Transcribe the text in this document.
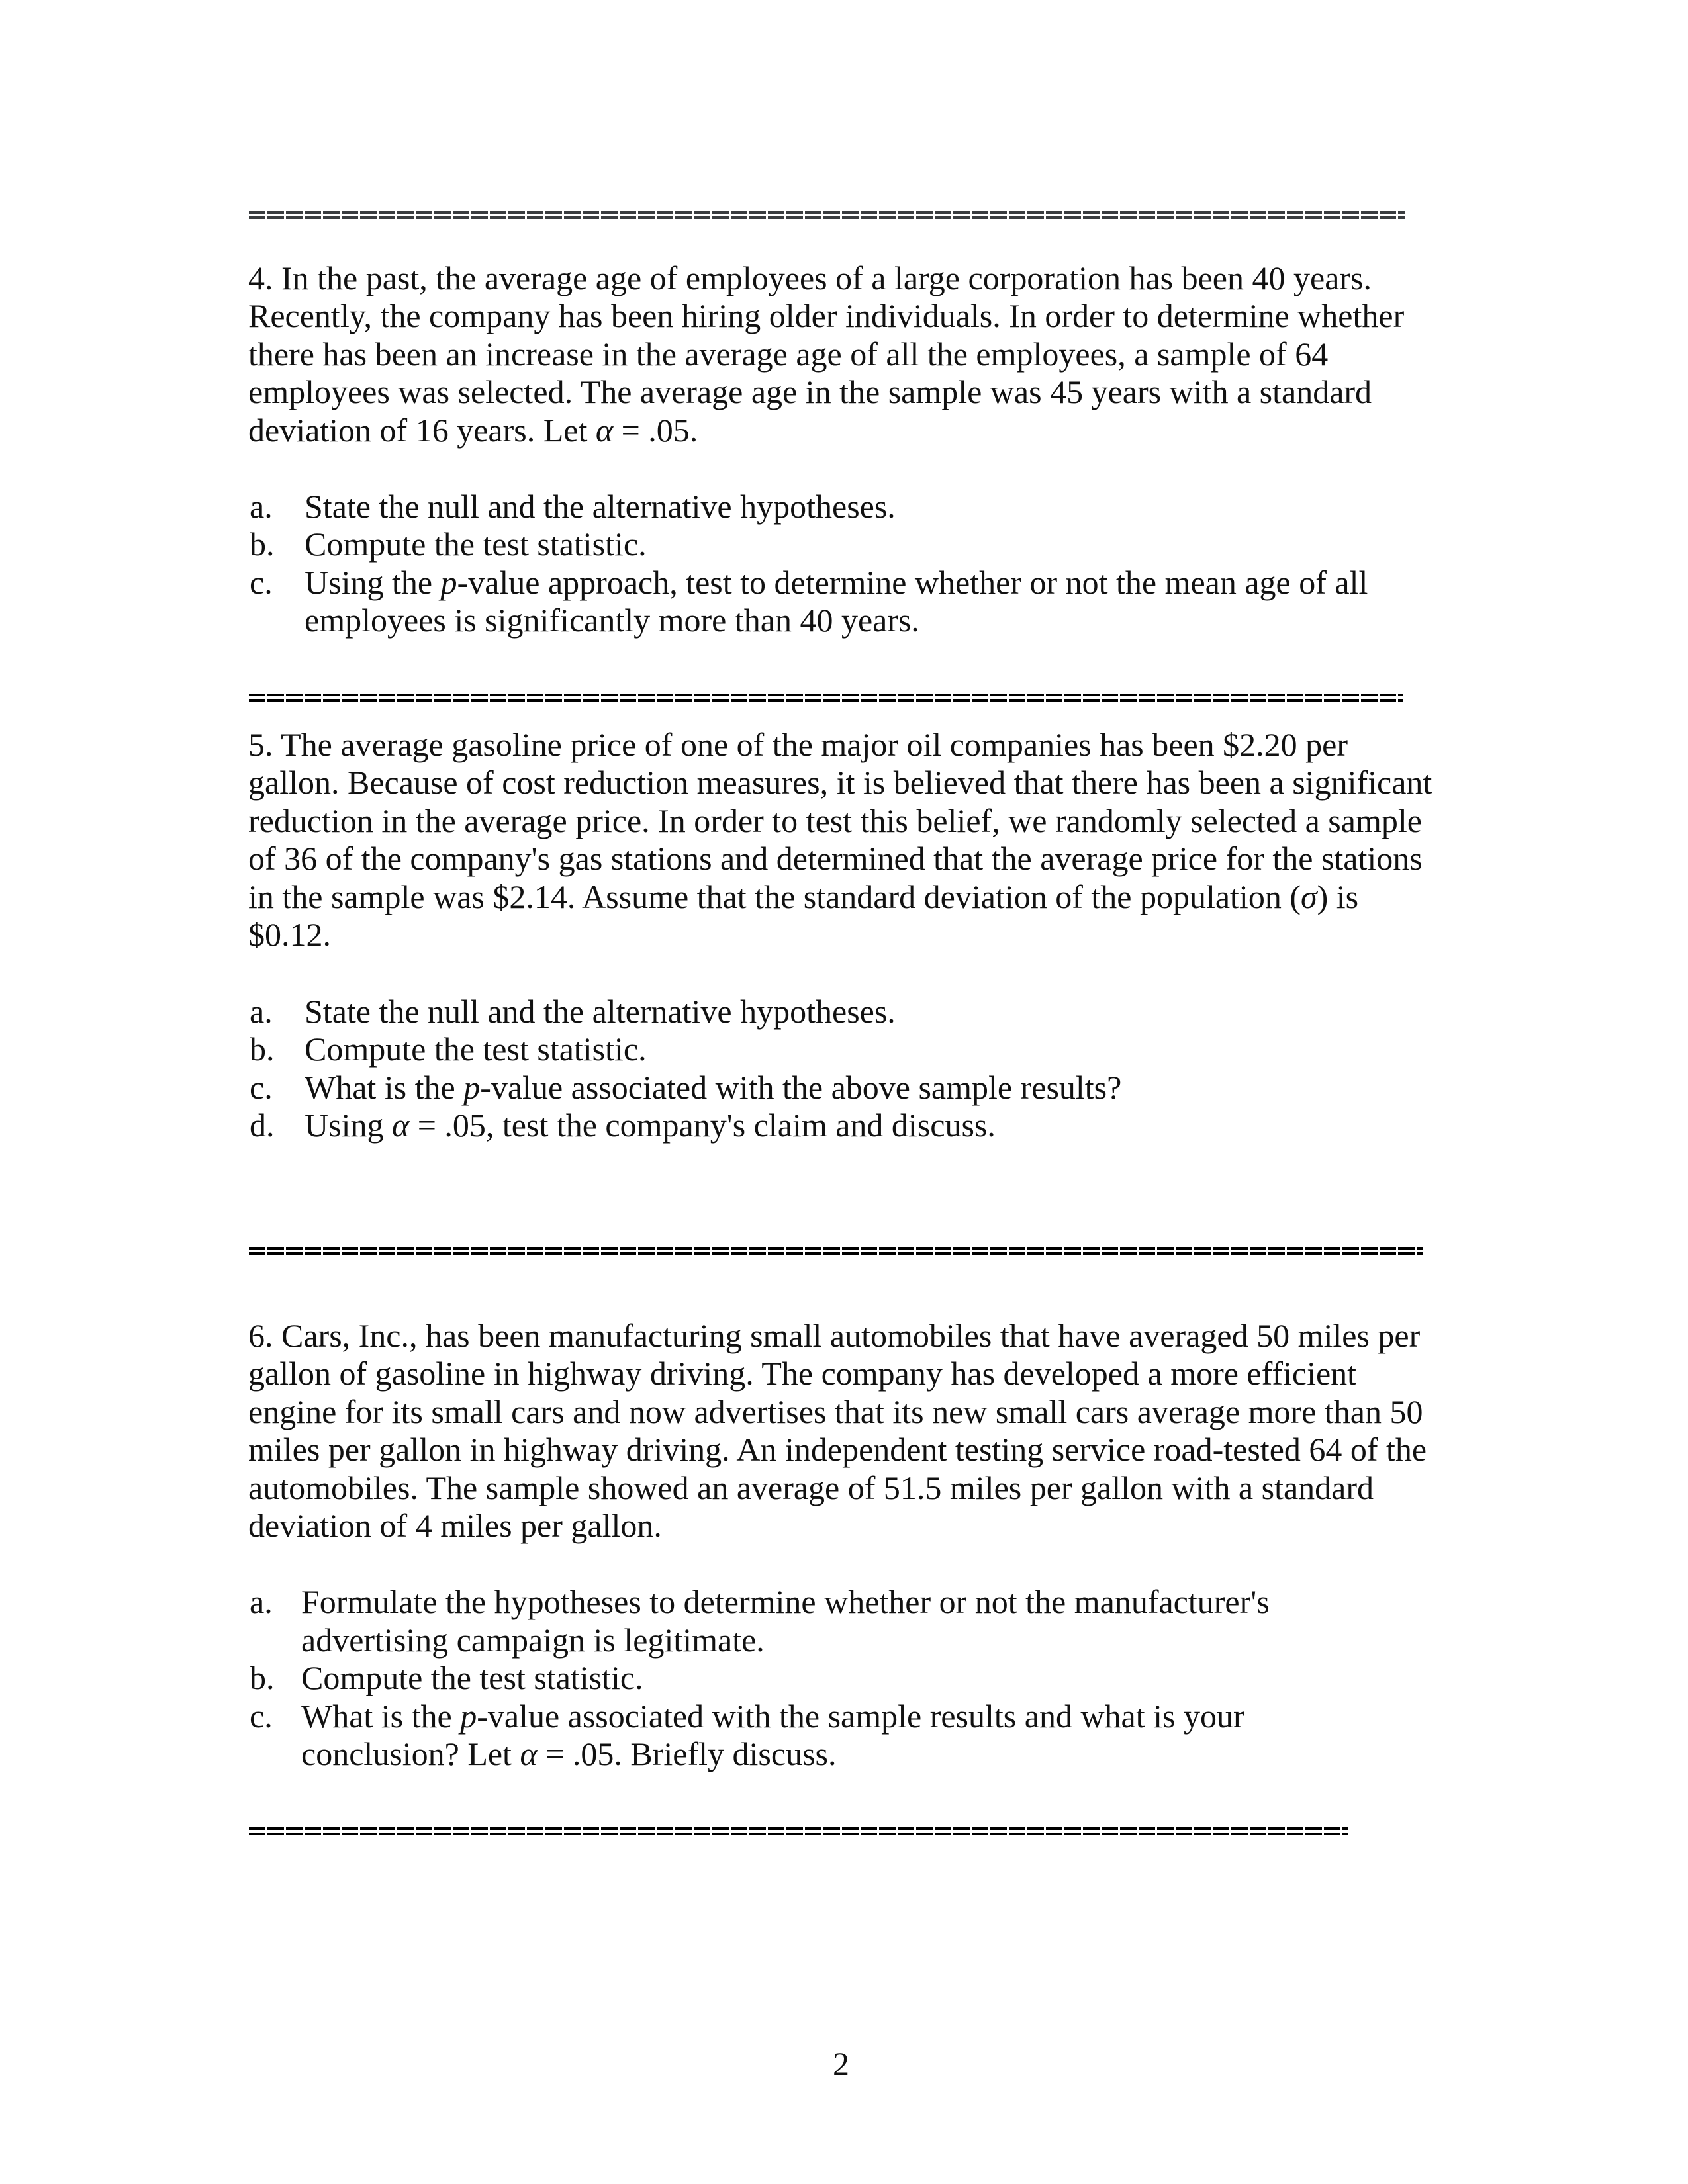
4. In the past, the average age of employees of a large corporation has been 40 years.
Recently, the company has been hiring older individuals. In order to determine whether
there has been an increase in the average age of all the employees, a sample of 64
employees was selected. The average age in the sample was 45 years with a standard
deviation of 16 years. Let α = .05.
a. State the null and the alternative hypotheses.
b. Compute the test statistic.
c. Using the p-value approach, test to determine whether or not the mean age of all
employees is significantly more than 40 years.
5. The average gasoline price of one of the major oil companies has been $2.20 per
gallon. Because of cost reduction measures, it is believed that there has been a significant
reduction in the average price. In order to test this belief, we randomly selected a sample
of 36 of the company's gas stations and determined that the average price for the stations
in the sample was $2.14. Assume that the standard deviation of the population (σ) is
$0.12.
a. State the null and the alternative hypotheses.
b. Compute the test statistic.
c. What is the p-value associated with the above sample results?
d. Using α = .05, test the company's claim and discuss.
6. Cars, Inc., has been manufacturing small automobiles that have averaged 50 miles per
gallon of gasoline in highway driving. The company has developed a more efficient
engine for its small cars and now advertises that its new small cars average more than 50
miles per gallon in highway driving. An independent testing service road-tested 64 of the
automobiles. The sample showed an average of 51.5 miles per gallon with a standard
deviation of 4 miles per gallon.
a. Formulate the hypotheses to determine whether or not the manufacturer's
advertising campaign is legitimate.
b. Compute the test statistic.
c. What is the p-value associated with the sample results and what is your
conclusion? Let α = .05. Briefly discuss.
2
